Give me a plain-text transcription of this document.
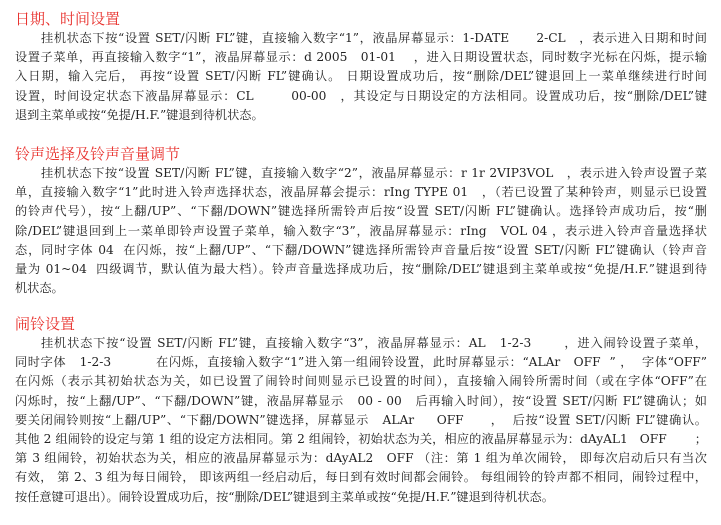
日期、时间设置
挂机状态下按“设置 SET/闪断 FL”键，直接输入数字“1”，液晶屏幕显示：1-DATE      2-CL   ，表示进入日期和时间
设置子菜单，再直接输入数字“1”，液晶屏幕显示：d 2005   01-01    ，进入日期设置状态，同时数字光标在闪烁，提示输
入日期，输入完后， 再按“设置 SET/闪断 FL”键确认。 日期设置成功后，按“删除/DEL”键退回上一菜单继续进行时间
设置，时间设定状态下液晶屏幕显示：CL        00-00   ，其设定与日期设定的方法相同。设置成功后，按“删除/DEL”键
退到主菜单或按“免提/H.F.”键退到待机状态。
铃声选择及铃声音量调节
挂机状态下按“设置 SET/闪断 FL”键，直接输入数字“2”，液晶屏幕显示：r 1r 2VIP3VOL   ，表示进入铃声设置子菜
单，直接输入数字“1”此时进入铃声选择状态，液晶屏幕会提示：rIng TYPE 01   ，（若已设置了某种铃声，则显示已设置
的铃声代号），按“上翻/UP”、“下翻/DOWN”键选择所需铃声后按“设置 SET/闪断 FL”键确认。选择铃声成功后，按“删
除/DEL”键退回到上一菜单即铃声设置子菜单，输入数字“3”，液晶屏幕显示：rIng   VOL 04 ，表示进入铃声音量选择状
态，同时字体 04  在闪烁，按“上翻/UP”、“下翻/DOWN”键选择所需铃声音量后按“设置 SET/闪断 FL”键确认（铃声音
量为 01~04  四级调节，默认值为最大档）。铃声音量选择成功后，按“删除/DEL”键退到主菜单或按“免提/H.F.”键退到待
机状态。
闹铃设置
挂机状态下按“设置 SET/闪断 FL”键，直接输入数字“3”，液晶屏幕显示：AL   1-2-3       ，进入闹铃设置子菜单，
同时字体   1-2-3          在闪烁，直接输入数字“1”进入第一组闹铃设置，此时屏幕显示：“ALAr   OFF  ” ，  字体“OFF”
在闪烁（表示其初始状态为关，如已设置了闹铃时间则显示已设置的时间），直接输入闹铃所需时间（或在字体“OFF”在
闪烁时，按“上翻/UP”、“下翻/DOWN”键，液晶屏幕显示   00 - 00   后再输入时间），按“设置 SET/闪断 FL”键确认；如
要关闭闹铃则按“上翻/UP”、“下翻/DOWN”键选择，屏幕显示   ALAr     OFF      ，  后按“设置 SET/闪断 FL”键确认。
其他 2 组闹铃的设定与第 1 组的设定方法相同。第 2 组闹铃，初始状态为关，相应的液晶屏幕显示为：dAyAL1   OFF       ；
第 3 组闹铃，初始状态为关，相应的液晶屏幕显示为：dAyAL2   OFF （注：第 1 组为单次闹铃， 即每次启动后只有当次
有效， 第 2、3 组为每日闹铃， 即该两组一经启动后，每日到有效时间都会闹铃。 每组闹铃的铃声都不相同，闹铃过程中，
按任意键可退出）。闹铃设置成功后，按“删除/DEL”键退到主菜单或按“免提/H.F.”键退到待机状态。
